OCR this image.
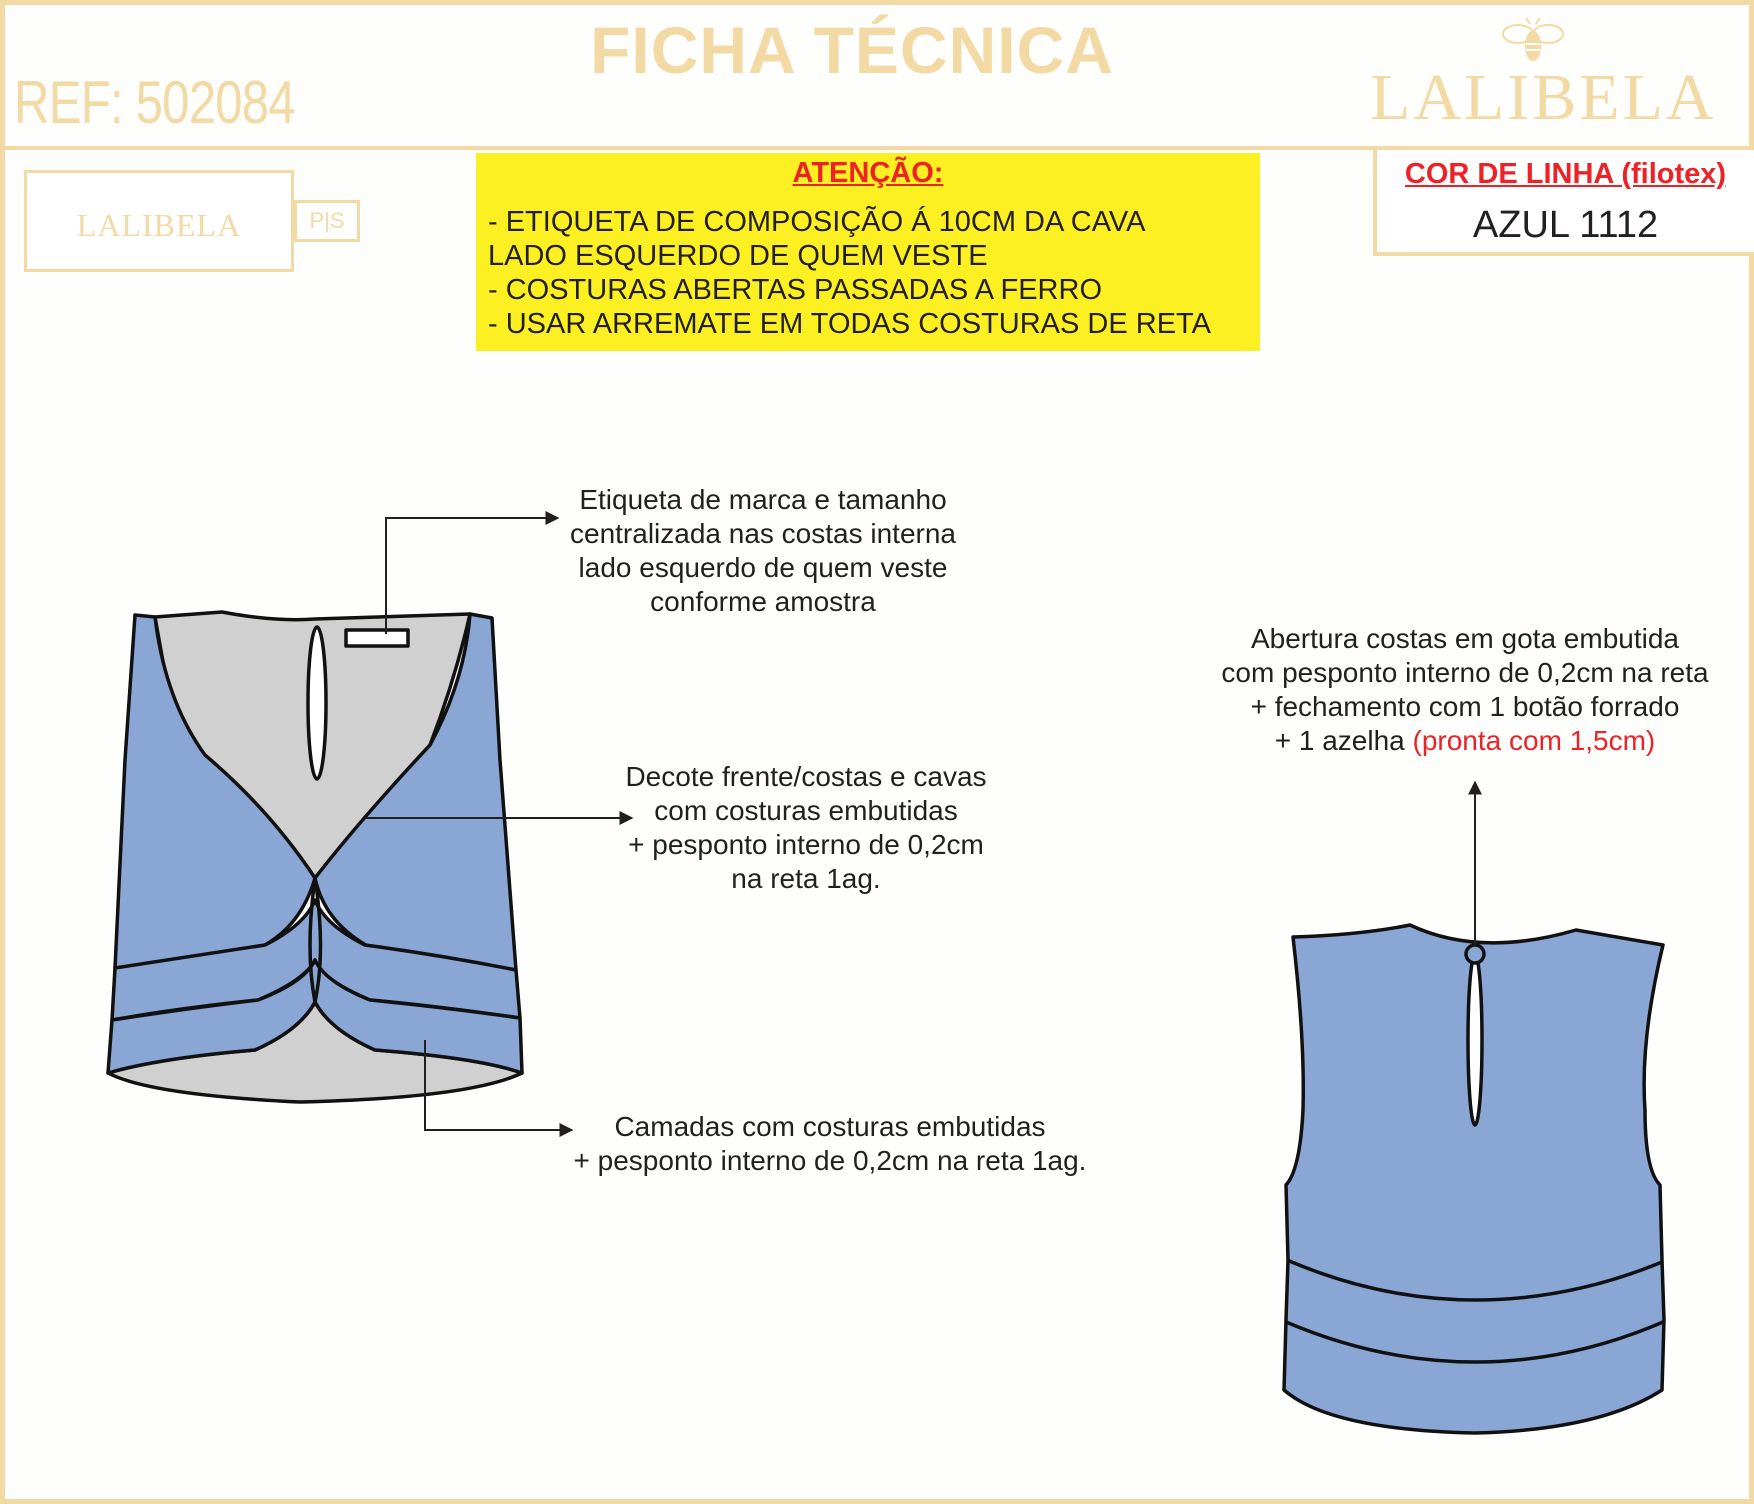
FICHA TÉCNICA
REF: 502084	LALIBELA
LALIBELA	P|S
ATENÇÃO:
- ETIQUETA DE COMPOSIÇÃO Á 10CM DA CAVA
LADO ESQUERDO DE QUEM VESTE
- COSTURAS ABERTAS PASSADAS A FERRO
- USAR ARREMATE EM TODAS COSTURAS DE RETA
COR DE LINHA (filotex)
AZUL 1112
Etiqueta de marca e tamanho
centralizada nas costas interna
lado esquerdo de quem veste
conforme amostra
Decote frente/costas e cavas
com costuras embutidas
+ pesponto interno de 0,2cm
na reta 1ag.
Camadas com costuras embutidas
+ pesponto interno de 0,2cm na reta 1ag.
Abertura costas em gota embutida
com pesponto interno de 0,2cm na reta
+ fechamento com 1 botão forrado
+ 1 azelha (pronta com 1,5cm)
